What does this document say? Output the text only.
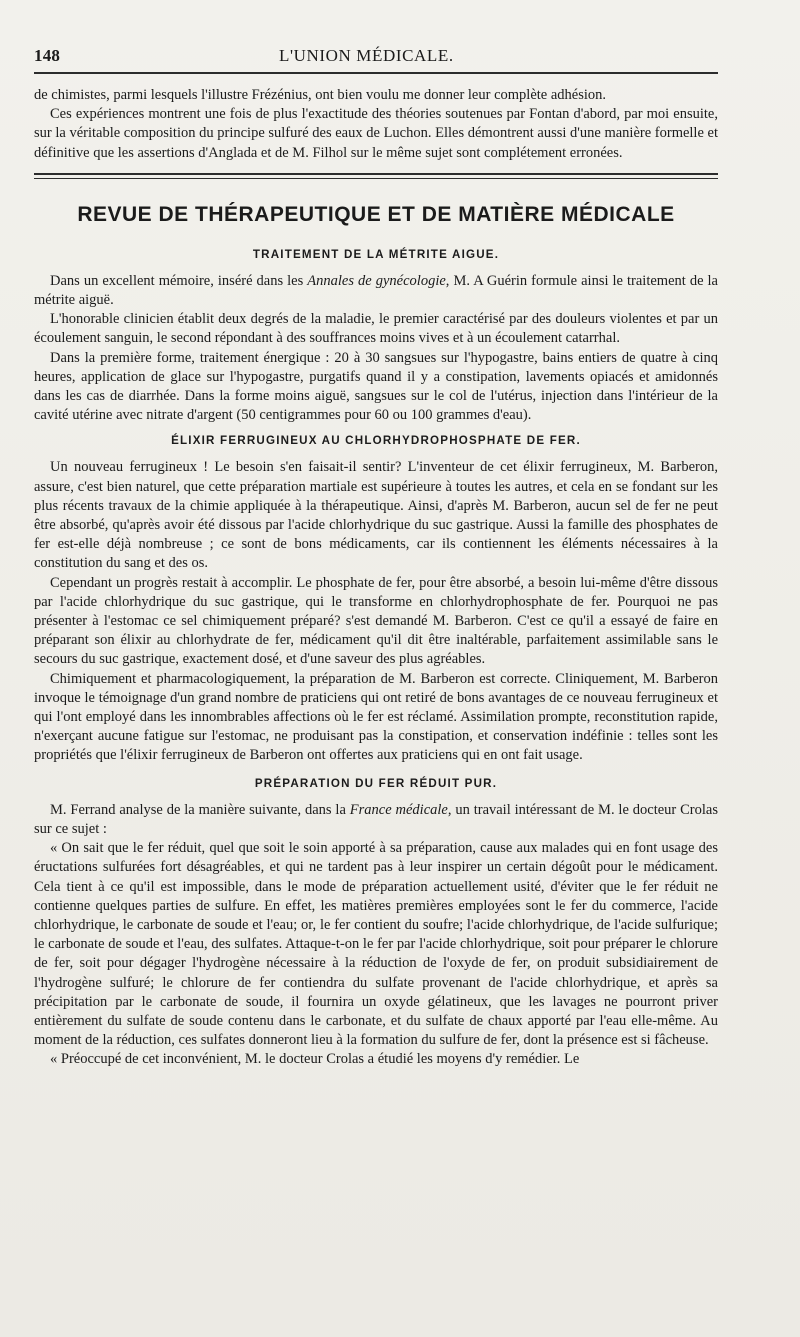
148	L'UNION MÉDICALE.

de chimistes, parmi lesquels l'illustre Frézénius, ont bien voulu me donner leur complète adhésion.

Ces expériences montrent une fois de plus l'exactitude des théories soutenues par Fontan d'abord, par moi ensuite, sur la véritable composition du principe sulfuré des eaux de Luchon. Elles démontrent aussi d'une manière formelle et définitive que les assertions d'Anglada et de M. Filhol sur le même sujet sont complétement erronées.

REVUE DE THÉRAPEUTIQUE ET DE MATIÈRE MÉDICALE
TRAITEMENT DE LA MÉTRITE AIGUE.

Dans un excellent mémoire, inséré dans les Annales de gynécologie, M. A Guérin formule ainsi le traitement de la métrite aiguë.

L'honorable clinicien établit deux degrés de la maladie, le premier caractérisé par des douleurs violentes et par un écoulement sanguin, le second répondant à des souffrances moins vives et à un écoulement catarrhal.

Dans la première forme, traitement énergique : 20 à 30 sangsues sur l'hypogastre, bains entiers de quatre à cinq heures, application de glace sur l'hypogastre, purgatifs quand il y a constipation, lavements opiacés et amidonnés dans les cas de diarrhée. Dans la forme moins aiguë, sangsues sur le col de l'utérus, injection dans l'intérieur de la cavité utérine avec nitrate d'argent (50 centigrammes pour 60 ou 100 grammes d'eau).

ÉLIXIR FERRUGINEUX AU CHLORHYDROPHOSPHATE DE FER.

Un nouveau ferrugineux ! Le besoin s'en faisait-il sentir? L'inventeur de cet élixir ferrugineux, M. Barberon, assure, c'est bien naturel, que cette préparation martiale est supérieure à toutes les autres, et cela en se fondant sur les plus récents travaux de la chimie appliquée à la thérapeutique. Ainsi, d'après M. Barberon, aucun sel de fer ne peut être absorbé, qu'après avoir été dissous par l'acide chlorhydrique du suc gastrique. Aussi la famille des phosphates de fer est-elle déjà nombreuse ; ce sont de bons médicaments, car ils contiennent les éléments nécessaires à la constitution du sang et des os.

Cependant un progrès restait à accomplir. Le phosphate de fer, pour être absorbé, a besoin lui-même d'être dissous par l'acide chlorhydrique du suc gastrique, qui le transforme en chlorhydrophosphate de fer. Pourquoi ne pas présenter à l'estomac ce sel chimiquement préparé? s'est demandé M. Barberon. C'est ce qu'il a essayé de faire en préparant son élixir au chlorhydrate de fer, médicament qu'il dit être inaltérable, parfaitement assimilable sans le secours du suc gastrique, exactement dosé, et d'une saveur des plus agréables.

Chimiquement et pharmacologiquement, la préparation de M. Barberon est correcte. Cliniquement, M. Barberon invoque le témoignage d'un grand nombre de praticiens qui ont retiré de bons avantages de ce nouveau ferrugineux et qui l'ont employé dans les innombrables affections où le fer est réclamé. Assimilation prompte, reconstitution rapide, n'exerçant aucune fatigue sur l'estomac, ne produisant pas la constipation, et conservation indéfinie : telles sont les propriétés que l'élixir ferrugineux de Barberon ont offertes aux praticiens qui en ont fait usage.

PRÉPARATION DU FER RÉDUIT PUR.

M. Ferrand analyse de la manière suivante, dans la France médicale, un travail intéressant de M. le docteur Crolas sur ce sujet :

« On sait que le fer réduit, quel que soit le soin apporté à sa préparation, cause aux malades qui en font usage des éructations sulfurées fort désagréables, et qui ne tardent pas à leur inspirer un certain dégoût pour le médicament. Cela tient à ce qu'il est impossible, dans le mode de préparation actuellement usité, d'éviter que le fer réduit ne contienne quelques parties de sulfure. En effet, les matières premières employées sont le fer du commerce, l'acide chlorhydrique, le carbonate de soude et l'eau; or, le fer contient du soufre; l'acide chlorhydrique, de l'acide sulfurique; le carbonate de soude et l'eau, des sulfates. Attaque-t-on le fer par l'acide chlorhydrique, soit pour préparer le chlorure de fer, soit pour dégager l'hydrogène nécessaire à la réduction de l'oxyde de fer, on produit subsidiairement de l'hydrogène sulfuré; le chlorure de fer contiendra du sulfate provenant de l'acide chlorhydrique, et après sa précipitation par le carbonate de soude, il fournira un oxyde gélatineux, que les lavages ne pourront priver entièrement du sulfate de soude contenu dans le carbonate, et du sulfate de chaux apporté par l'eau elle-même. Au moment de la réduction, ces sulfates donneront lieu à la formation du sulfure de fer, dont la présence est si fâcheuse.

« Préoccupé de cet inconvénient, M. le docteur Crolas a étudié les moyens d'y remédier. Le
